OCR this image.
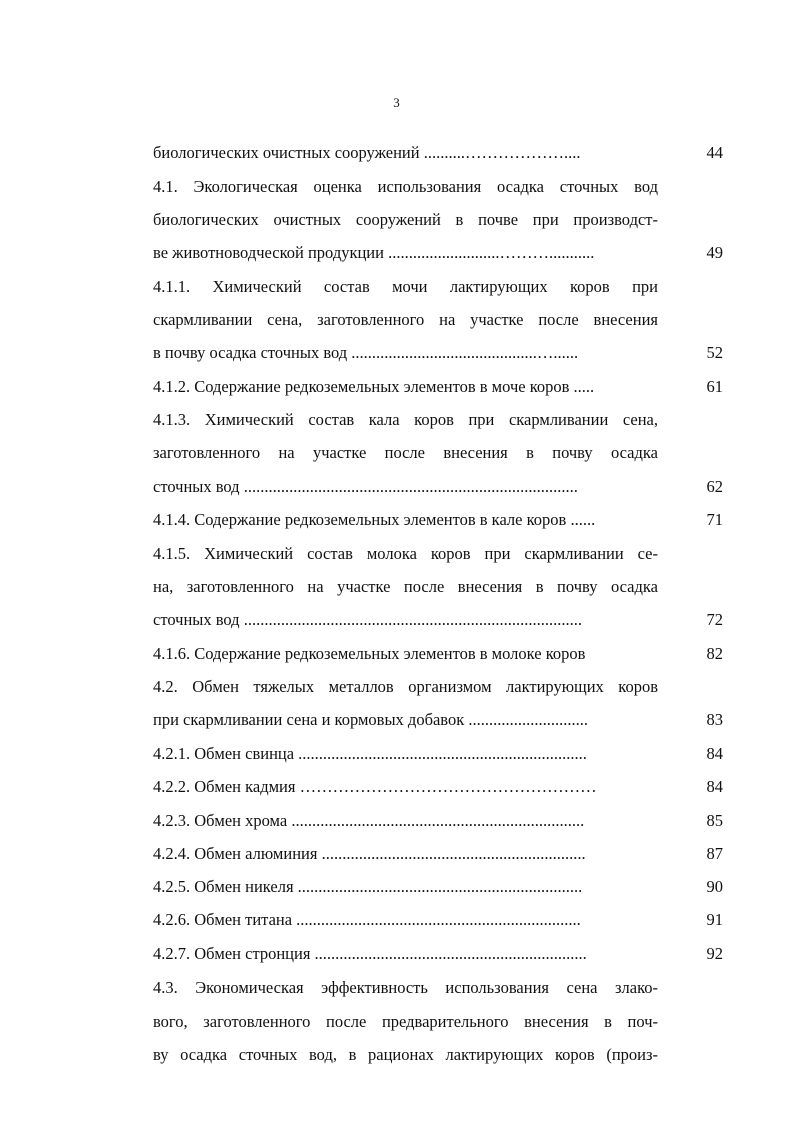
3
биологических очистных сооружений ..........………………....	44
4.1. Экологическая оценка использования осадка сточных вод
биологических очистных сооружений в почве при производст-
ве животноводческой продукции ...........................………...........	49
4.1.1. Химический состав мочи лактирующих коров при
скармливании сена, заготовленного на участке после внесения
в почву осадка сточных вод .............................................…......	52
4.1.2. Содержание редкоземельных элементов в моче коров .....	61
4.1.3. Химический состав кала коров при скармливании сена,
заготовленного на участке после внесения в почву осадка
сточных вод .................................................................................	62
4.1.4. Содержание редкоземельных элементов в кале коров ......	71
4.1.5. Химический состав молока коров при скармливании се-
на, заготовленного на участке после внесения в почву осадка
сточных вод ..................................................................................	72
4.1.6. Содержание редкоземельных элементов в молоке коров	82
4.2. Обмен тяжелых металлов организмом лактирующих коров
при скармливании сена и кормовых добавок .............................	83
4.2.1. Обмен свинца ......................................................................	84
4.2.2. Обмен кадмия ………………………………………………	84
4.2.3. Обмен хрома .......................................................................	85
4.2.4. Обмен алюминия ................................................................	87
4.2.5. Обмен никеля .....................................................................	90
4.2.6. Обмен титана .....................................................................	91
4.2.7. Обмен стронция ..................................................................	92
4.3. Экономическая эффективность использования сена злако-
вого, заготовленного после предварительного внесения в поч-
ву осадка сточных вод, в рационах лактирующих коров (произ-
